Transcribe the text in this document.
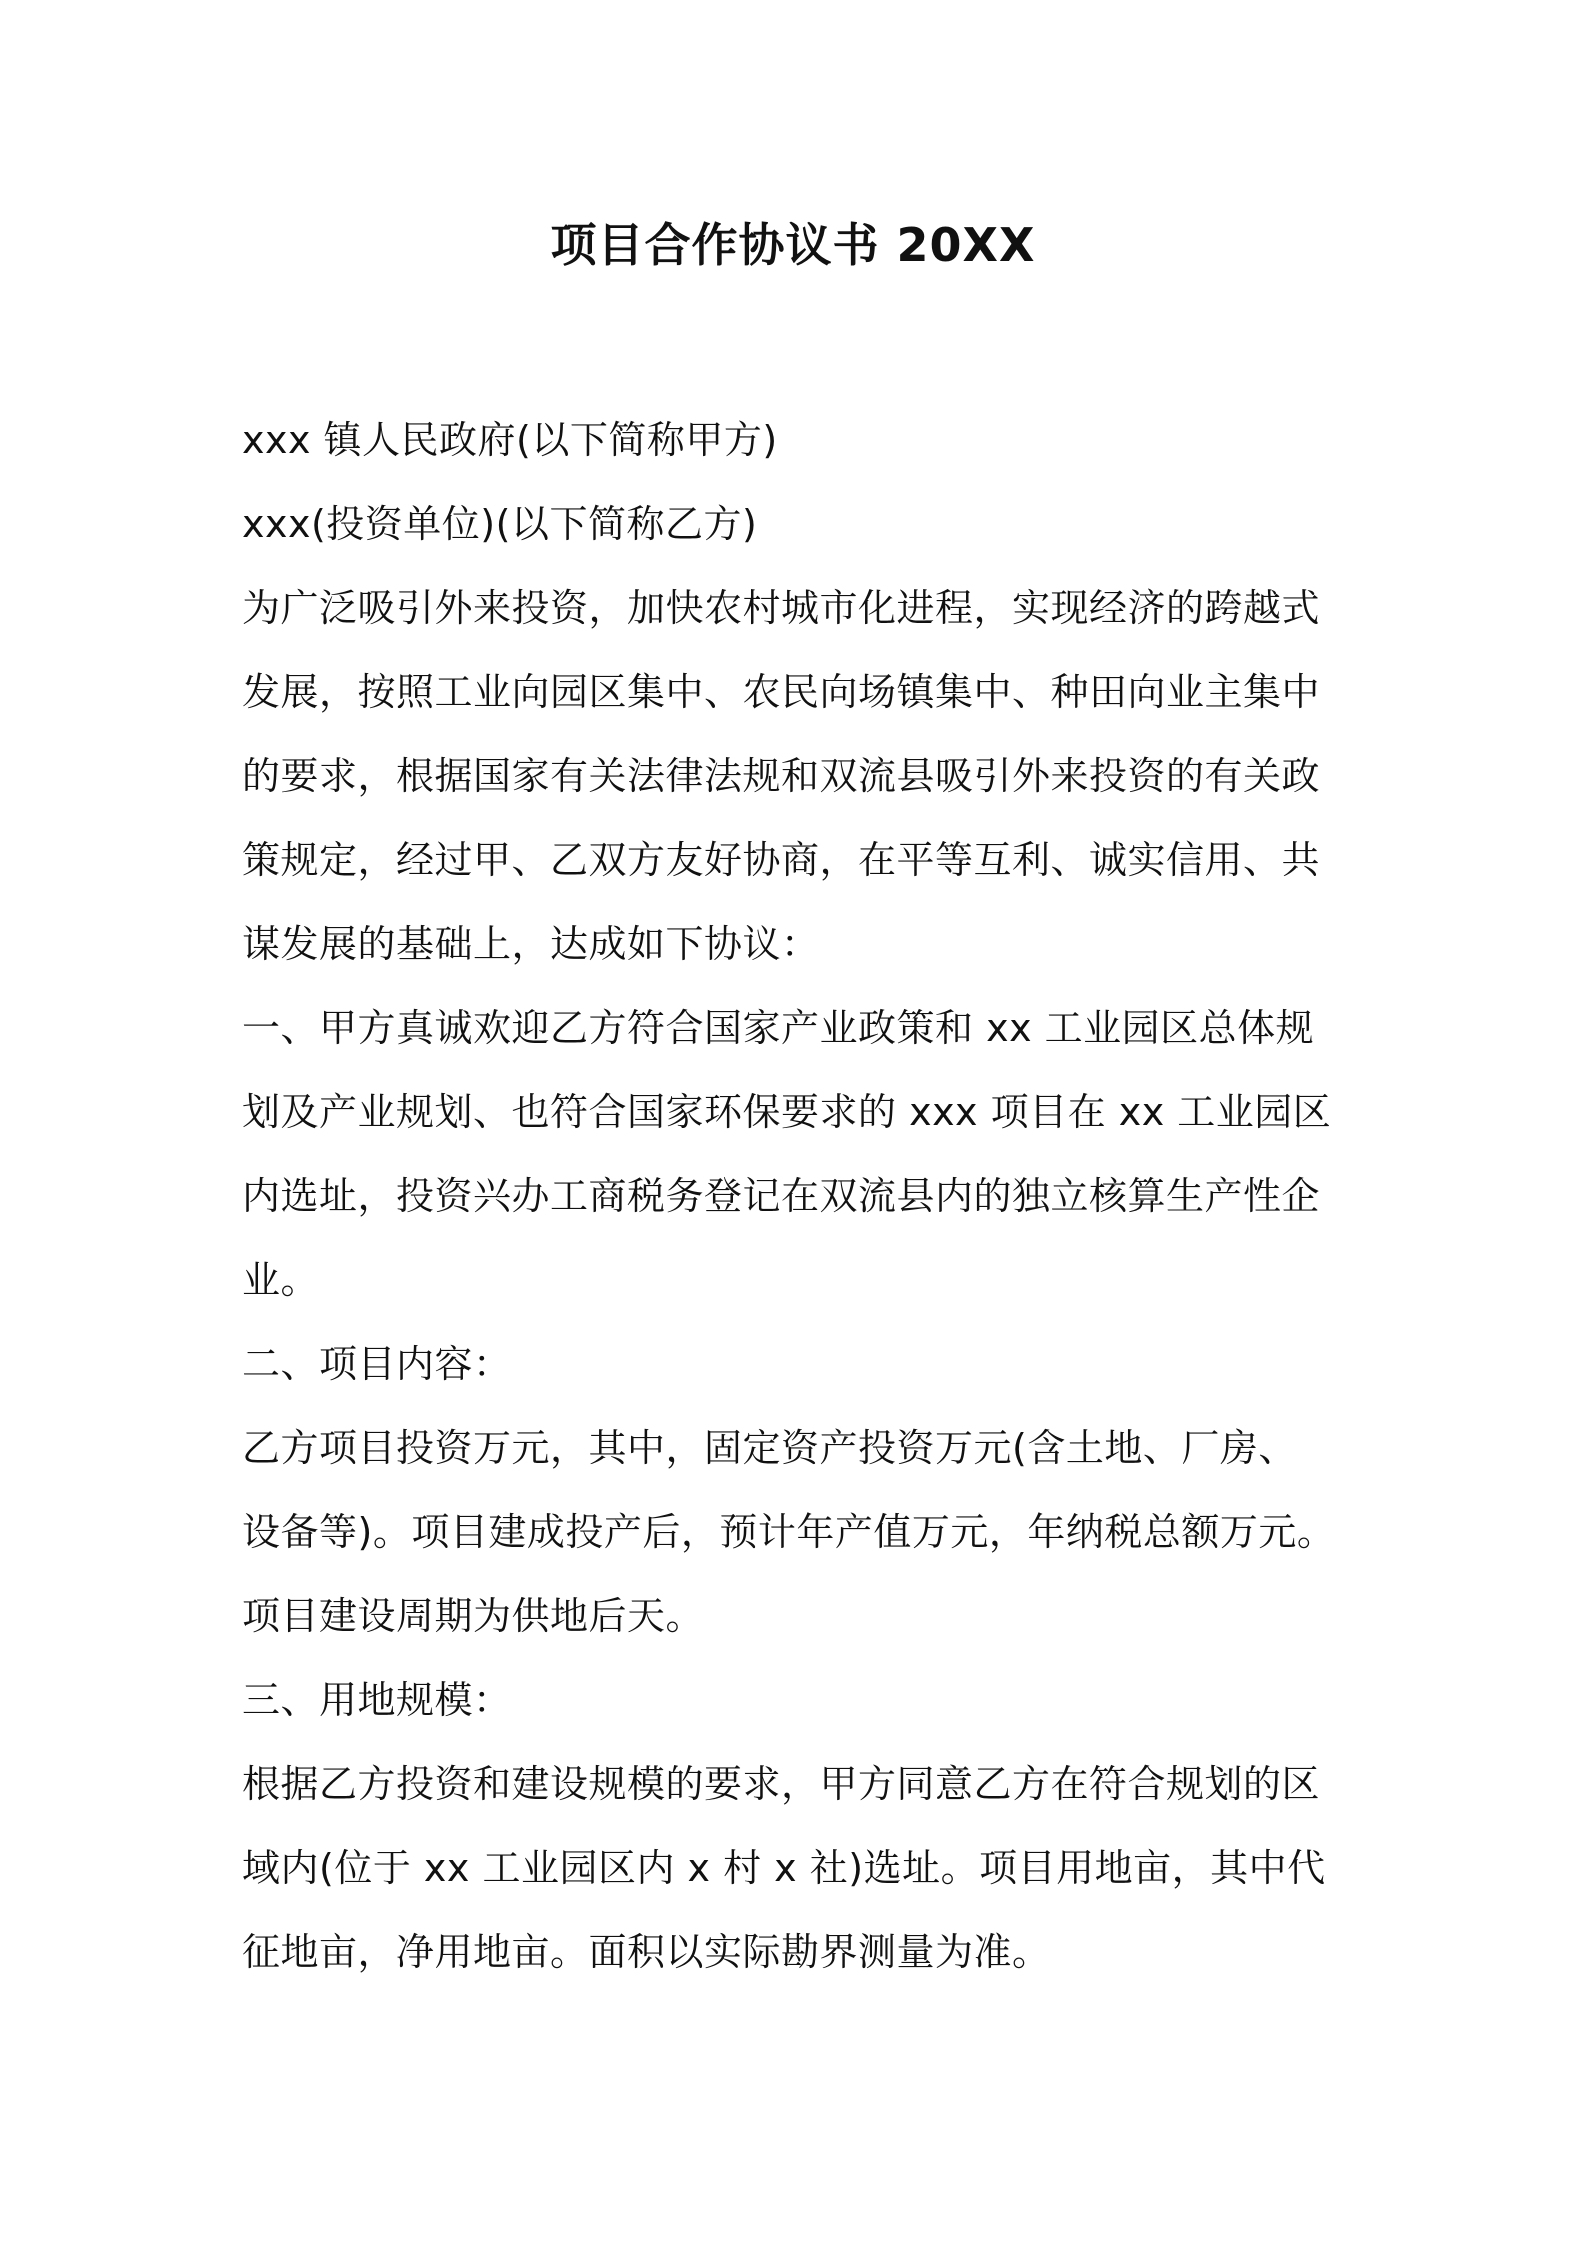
项目合作协议书 20XX
xxx 镇人民政府(以下简称甲方)
xxx(投资单位)(以下简称乙方)
为广泛吸引外来投资，加快农村城市化进程，实现经济的跨越式
发展，按照工业向园区集中、农民向场镇集中、种田向业主集中
的要求，根据国家有关法律法规和双流县吸引外来投资的有关政
策规定，经过甲、乙双方友好协商，在平等互利、诚实信用、共
谋发展的基础上，达成如下协议：
一、甲方真诚欢迎乙方符合国家产业政策和 xx 工业园区总体规
划及产业规划、也符合国家环保要求的 xxx 项目在 xx 工业园区
内选址，投资兴办工商税务登记在双流县内的独立核算生产性企
业。
二、项目内容：
乙方项目投资万元，其中，固定资产投资万元(含土地、厂房、
设备等)。项目建成投产后，预计年产值万元，年纳税总额万元。
项目建设周期为供地后天。
三、用地规模：
根据乙方投资和建设规模的要求，甲方同意乙方在符合规划的区
域内(位于 xx 工业园区内 x 村 x 社)选址。项目用地亩，其中代
征地亩，净用地亩。面积以实际勘界测量为准。
